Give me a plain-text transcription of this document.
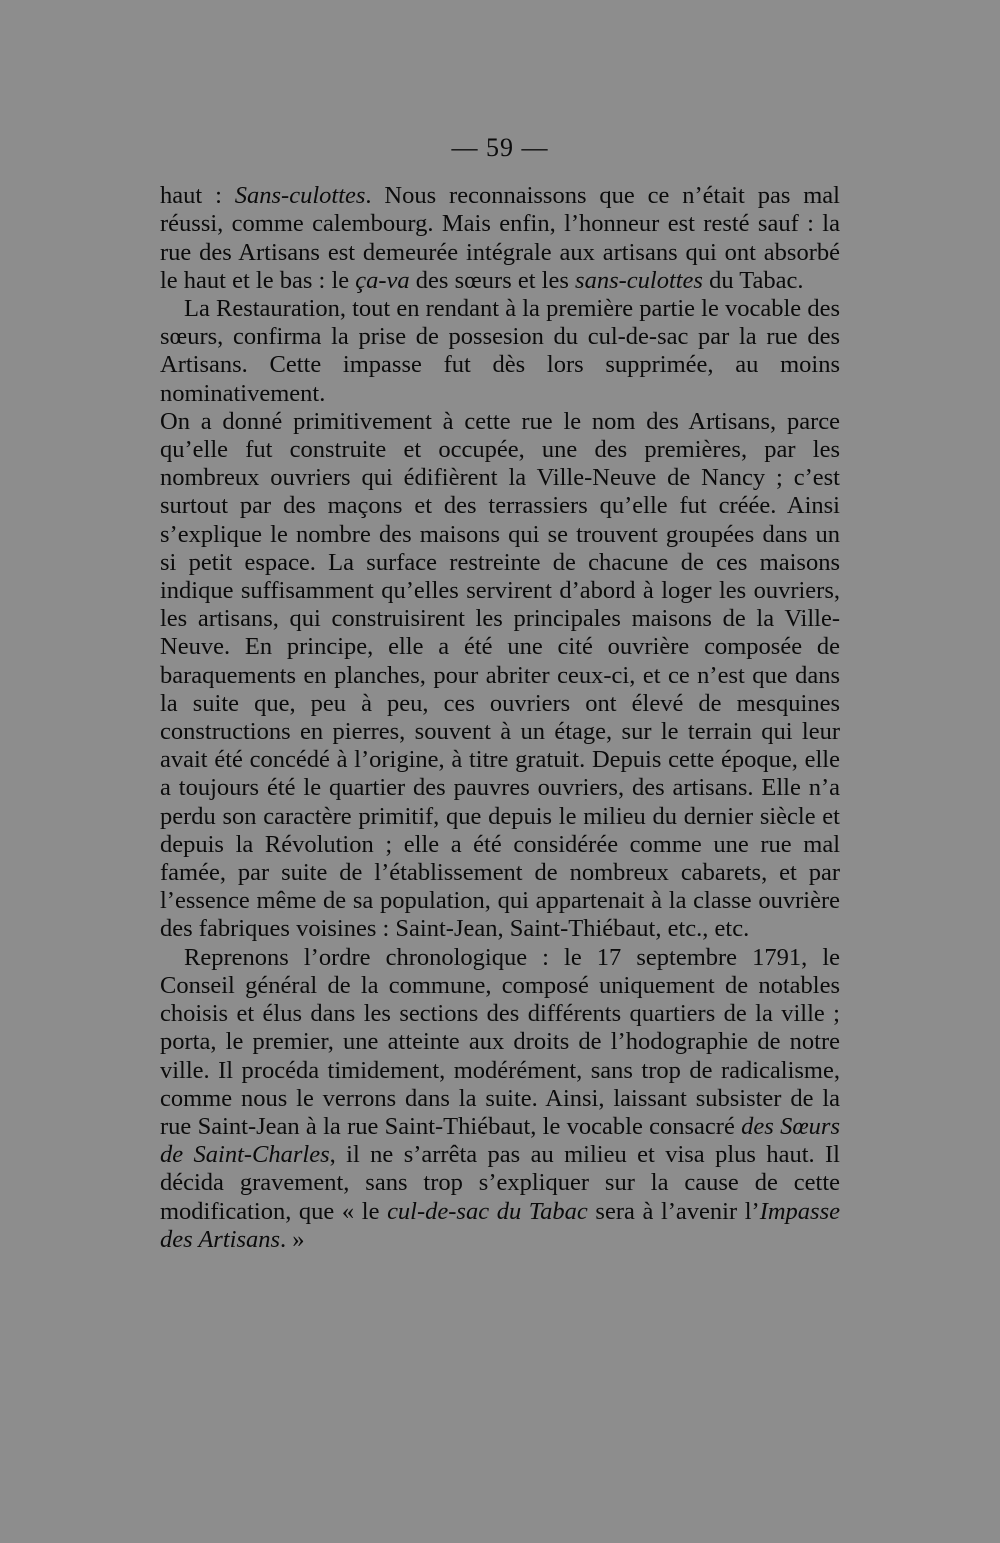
— 59 —

haut : Sans-culottes. Nous reconnaissons que ce n’était pas mal réussi, comme calembourg. Mais enfin, l’honneur est resté sauf : la rue des Artisans est demeurée intégrale aux artisans qui ont absorbé le haut et le bas : le ça-va des sœurs et les sans-culottes du Tabac.

La Restauration, tout en rendant à la première partie le vocable des sœurs, confirma la prise de possesion du cul-de-sac par la rue des Artisans. Cette impasse fut dès lors supprimée, au moins nominativement.

On a donné primitivement à cette rue le nom des Artisans, parce qu’elle fut construite et occupée, une des premières, par les nombreux ouvriers qui édifièrent la Ville-Neuve de Nancy ; c’est surtout par des maçons et des terrassiers qu’elle fut créée. Ainsi s’explique le nombre des maisons qui se trouvent groupées dans un si petit espace. La surface restreinte de chacune de ces maisons indique suffisamment qu’elles servirent d’abord à loger les ouvriers, les artisans, qui construisirent les principales maisons de la Ville-Neuve. En principe, elle a été une cité ouvrière composée de baraquements en planches, pour abriter ceux-ci, et ce n’est que dans la suite que, peu à peu, ces ouvriers ont élevé de mesquines constructions en pierres, souvent à un étage, sur le terrain qui leur avait été concédé à l’origine, à titre gratuit. Depuis cette époque, elle a toujours été le quartier des pauvres ouvriers, des artisans. Elle n’a perdu son caractère primitif, que depuis le milieu du dernier siècle et depuis la Révolution ; elle a été considérée comme une rue mal famée, par suite de l’établissement de nombreux cabarets, et par l’essence même de sa population, qui appartenait à la classe ouvrière des fabriques voisines : Saint-Jean, Saint-Thiébaut, etc., etc.

Reprenons l’ordre chronologique : le 17 septembre 1791, le Conseil général de la commune, composé uniquement de notables choisis et élus dans les sections des différents quartiers de la ville ; porta, le premier, une atteinte aux droits de l’hodographie de notre ville. Il procéda timidement, modérément, sans trop de radicalisme, comme nous le verrons dans la suite. Ainsi, laissant subsister de la rue Saint-Jean à la rue Saint-Thiébaut, le vocable consacré des Sœurs de Saint-Charles, il ne s’arrêta pas au milieu et visa plus haut. Il décida gravement, sans trop s’expliquer sur la cause de cette modification, que « le cul-de-sac du Tabac sera à l’avenir l’Impasse des Artisans. »
